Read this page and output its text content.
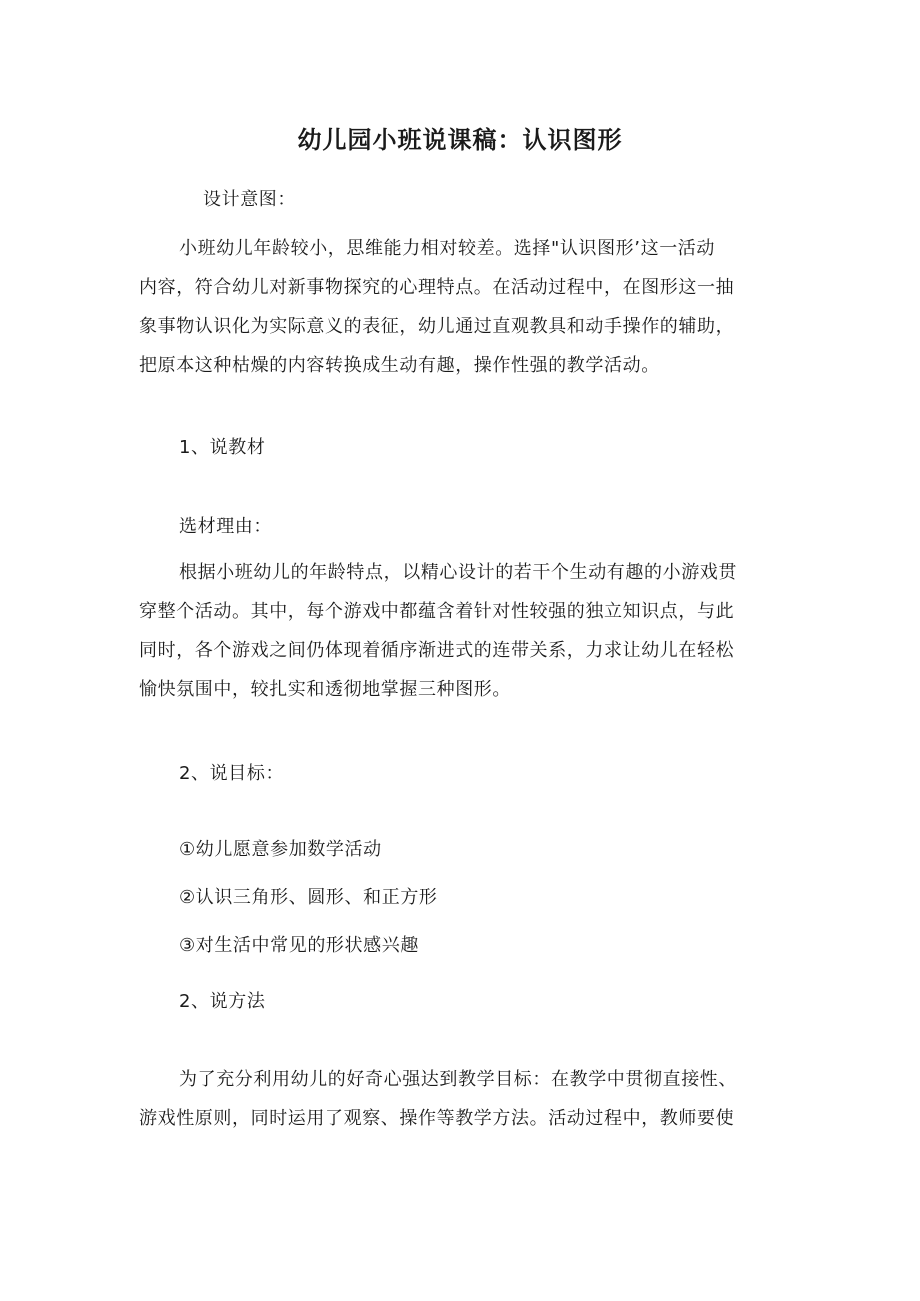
幼儿园小班说课稿：认识图形

设计意图：

小班幼儿年龄较小，思维能力相对较差。选择"认识图形’这一活动
内容，符合幼儿对新事物探究的心理特点。在活动过程中，在图形这一抽
象事物认识化为实际意义的表征，幼儿通过直观教具和动手操作的辅助，
把原本这种枯燥的内容转换成生动有趣，操作性强的教学活动。

1、说教材

选材理由：

根据小班幼儿的年龄特点，以精心设计的若干个生动有趣的小游戏贯
穿整个活动。其中，每个游戏中都蕴含着针对性较强的独立知识点，与此
同时，各个游戏之间仍体现着循序渐进式的连带关系，力求让幼儿在轻松
愉快氛围中，较扎实和透彻地掌握三种图形。

2、说目标：

①幼儿愿意参加数学活动

②认识三角形、圆形、和正方形

③对生活中常见的形状感兴趣

2、说方法

为了充分利用幼儿的好奇心强达到教学目标：在教学中贯彻直接性、
游戏性原则，同时运用了观察、操作等教学方法。活动过程中，教师要使
